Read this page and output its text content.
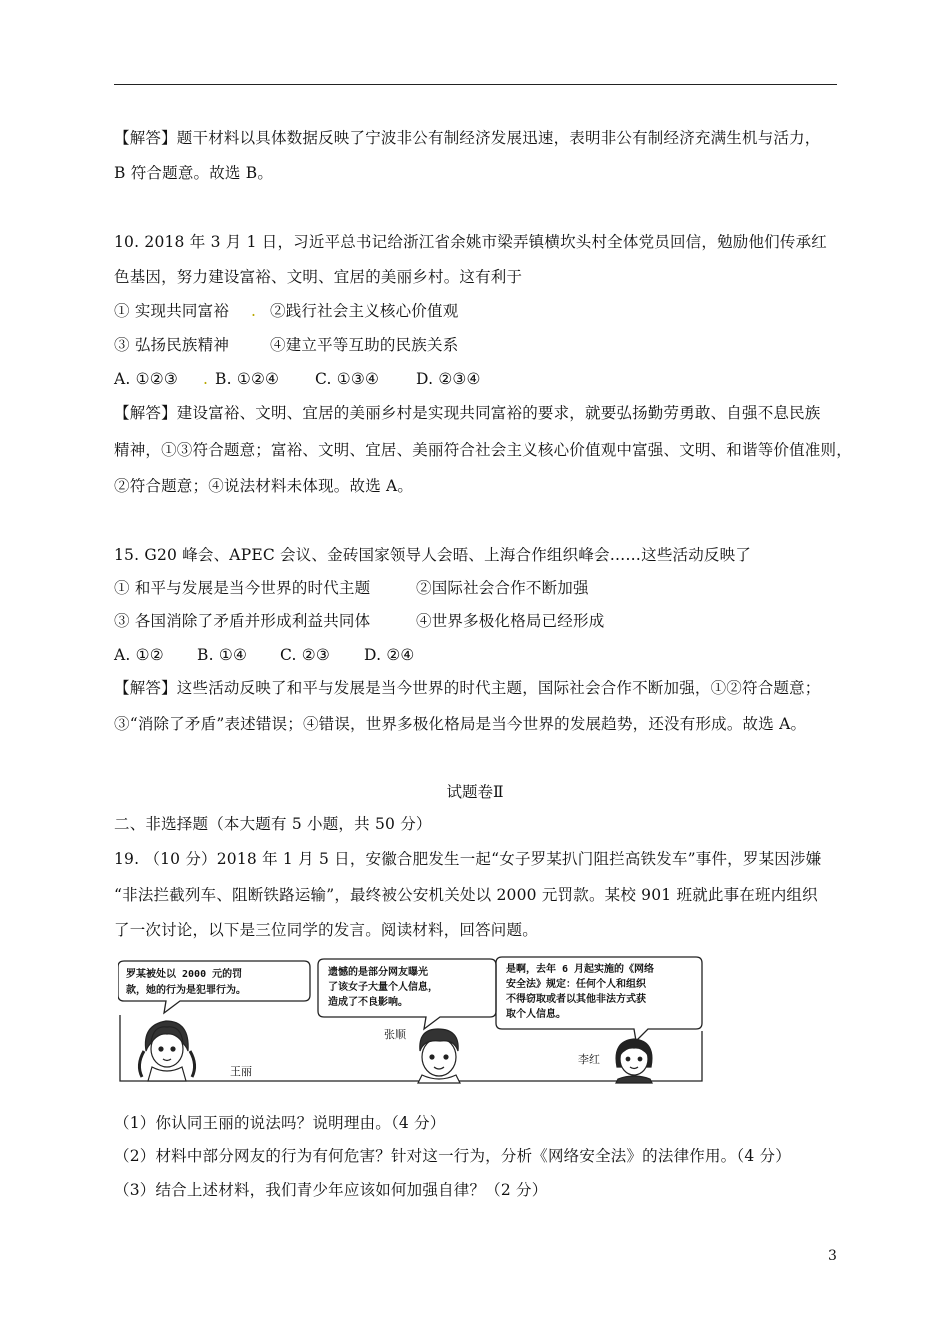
【解答】题干材料以具体数据反映了宁波非公有制经济发展迅速，表明非公有制经济充满生机与活力，
B 符合题意。故选 B。
10. 2018 年 3 月 1 日，习近平总书记给浙江省余姚市梁弄镇横坎头村全体党员回信，勉励他们传承红
色基因，努力建设富裕、文明、宜居的美丽乡村。这有利于
① 实现共同富裕 . ②践行社会主义核心价值观
③ 弘扬民族精神	④建立平等互助的民族关系
A. ①②③ . B. ①②④ C. ①③④ D. ②③④
【解答】建设富裕、文明、宜居的美丽乡村是实现共同富裕的要求，就要弘扬勤劳勇敢、自强不息民族
精神，①③符合题意；富裕、文明、宜居、美丽符合社会主义核心价值观中富强、文明、和谐等价值准则，
②符合题意；④说法材料未体现。故选 A。
15. G20 峰会、APEC 会议、金砖国家领导人会晤、上海合作组织峰会……这些活动反映了
① 和平与发展是当今世界的时代主题	②国际社会合作不断加强
③ 各国消除了矛盾并形成利益共同体	④世界多极化格局已经形成
A. ①② B. ①④ C. ②③ D. ②④
【解答】这些活动反映了和平与发展是当今世界的时代主题，国际社会合作不断加强，①②符合题意；
③“消除了矛盾”表述错误；④错误，世界多极化格局是当今世界的发展趋势，还没有形成。故选 A。
试题卷Ⅱ
二、非选择题（本大题有 5 小题，共 50 分）
19. （10 分）2018 年 1 月 5 日，安徽合肥发生一起“女子罗某扒门阻拦高铁发车”事件，罗某因涉嫌
“非法拦截列车、阻断铁路运输”，最终被公安机关处以 2000 元罚款。某校 901 班就此事在班内组织
了一次讨论，以下是三位同学的发言。阅读材料，回答问题。
罗某被处以 2000 元的罚
款，她的行为是犯罪行为。
遗憾的是部分网友曝光
了该女子大量个人信息，
造成了不良影响。
是啊，去年 6 月起实施的《网络
安全法》规定：任何个人和组织
不得窃取或者以其他非法方式获
取个人信息。
王丽
张顺
李红
（1）你认同王丽的说法吗？说明理由。（4 分）
（2）材料中部分网友的行为有何危害？针对这一行为，分析《网络安全法》的法律作用。（4 分）
（3）结合上述材料，我们青少年应该如何加强自律？（2 分）
3
